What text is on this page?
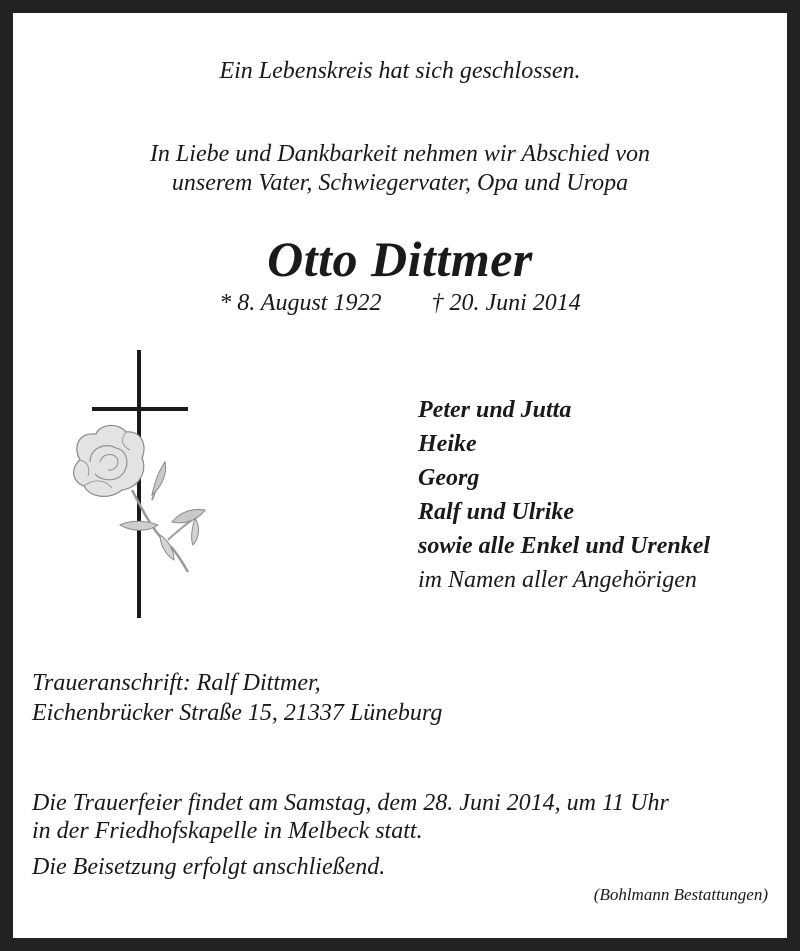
Ein Lebenskreis hat sich geschlossen.
In Liebe und Dankbarkeit nehmen wir Abschied von
unserem Vater, Schwiegervater, Opa und Uropa
Otto Dittmer
* 8. August 1922 † 20. Juni 2014
Peter und Jutta
Heike
Georg
Ralf und Ulrike
sowie alle Enkel und Urenkel
im Namen aller Angehörigen
Traueranschrift: Ralf Dittmer,
Eichenbrücker Straße 15, 21337 Lüneburg
Die Trauerfeier findet am Samstag, dem 28. Juni 2014, um 11 Uhr
in der Friedhofskapelle in Melbeck statt.
Die Beisetzung erfolgt anschließend.
(Bohlmann Bestattungen)
